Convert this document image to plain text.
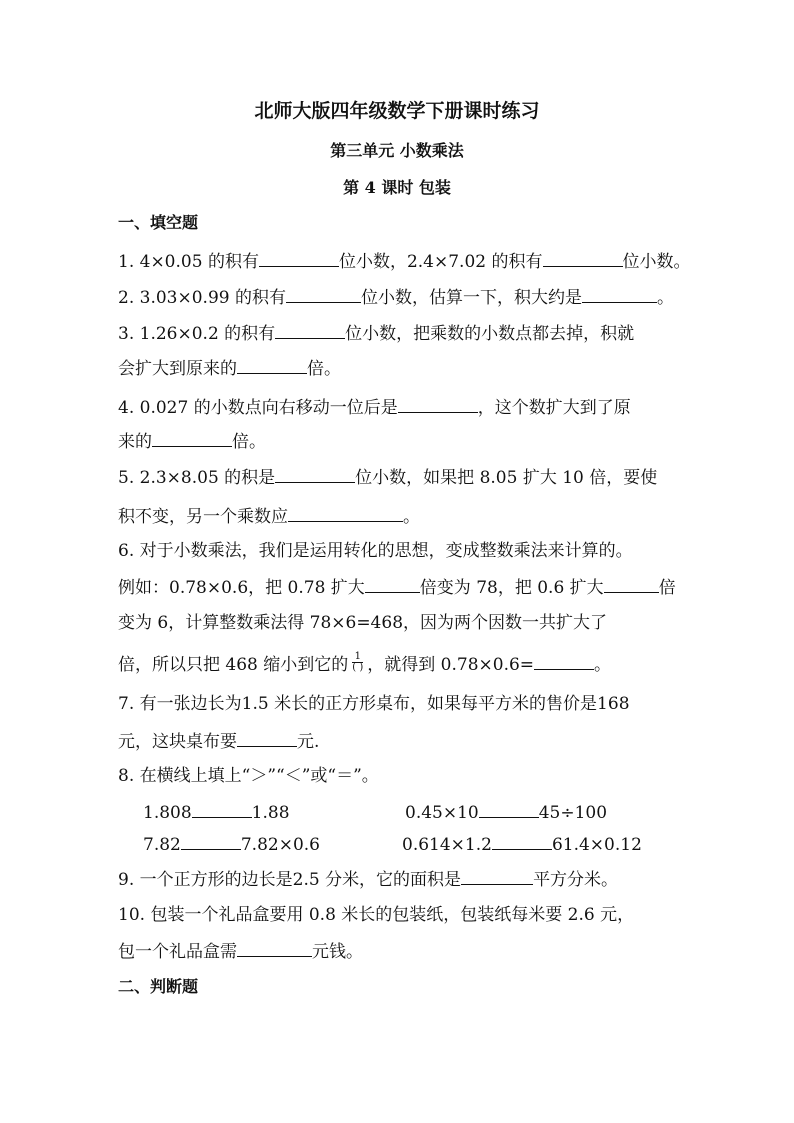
北师大版四年级数学下册课时练习
第三单元 小数乘法
第 4 课时 包装
一、填空题
1. 4×0.05 的积有	位小数，2.4×7.02 的积有	位小数。
2. 3.03×0.99 的积有	位小数，估算一下，积大约是	。
3. 1.26×0.2 的积有	位小数，把乘数的小数点都去掉，积就
会扩大到原来的	倍。
4. 0.027 的小数点向右移动一位后是	，这个数扩大到了原
来的	倍。
5. 2.3×8.05 的积是	位小数，如果把 8.05 扩大 10 倍，要使
积不变，另一个乘数应	。
6. 对于小数乘法，我们是运用转化的思想，变成整数乘法来计算的。
例如：0.78×0.6，把 0.78 扩大	倍变为 78，把 0.6 扩大	倍
变为 6，计算整数乘法得 78×6=468，因为两个因数一共扩大了
倍，所以只把 468 缩小到它的 $\frac{1}{( )}$ ，就得到 0.78×0.6=	。
7. 有一张边长为1.5 米长的正方形桌布，如果每平方米的售价是168
元，这块桌布要	元.
8. 在横线上填上“＞”“＜”或“＝”。
1.808	1.88	0.45×10	45÷100
7.82	7.82×0.6	0.614×1.2	61.4×0.12
9. 一个正方形的边长是2.5 分米，它的面积是	平方分米。
10. 包装一个礼品盒要用 0.8 米长的包装纸，包装纸每米要 2.6 元，
包一个礼品盒需	元钱。
二、判断题
